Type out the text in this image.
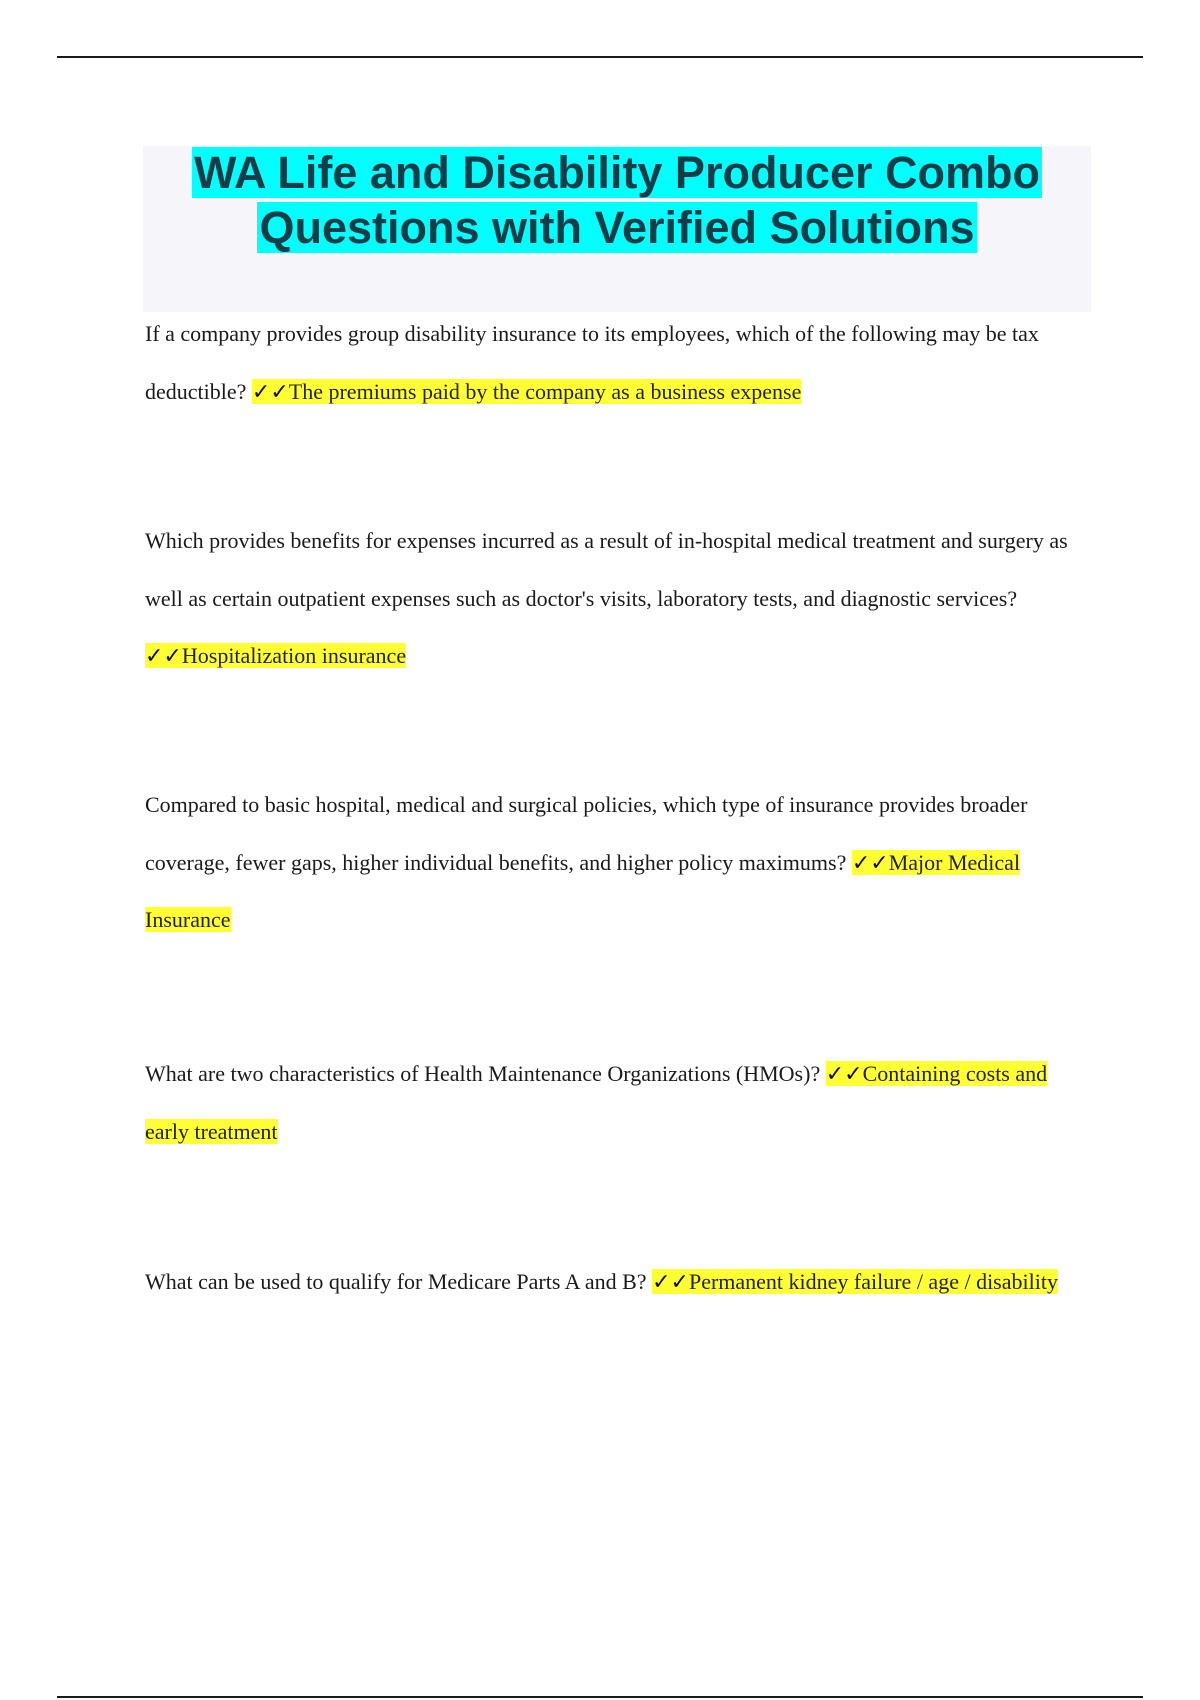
WA Life and Disability Producer Combo
Questions with Verified Solutions

If a company provides group disability insurance to its employees, which of the following may be tax deductible? ✓✓The premiums paid by the company as a business expense

Which provides benefits for expenses incurred as a result of in-hospital medical treatment and surgery as well as certain outpatient expenses such as doctor's visits, laboratory tests, and diagnostic services? ✓✓Hospitalization insurance

Compared to basic hospital, medical and surgical policies, which type of insurance provides broader coverage, fewer gaps, higher individual benefits, and higher policy maximums? ✓✓Major Medical Insurance

What are two characteristics of Health Maintenance Organizations (HMOs)? ✓✓Containing costs and early treatment

What can be used to qualify for Medicare Parts A and B? ✓✓Permanent kidney failure / age / disability
